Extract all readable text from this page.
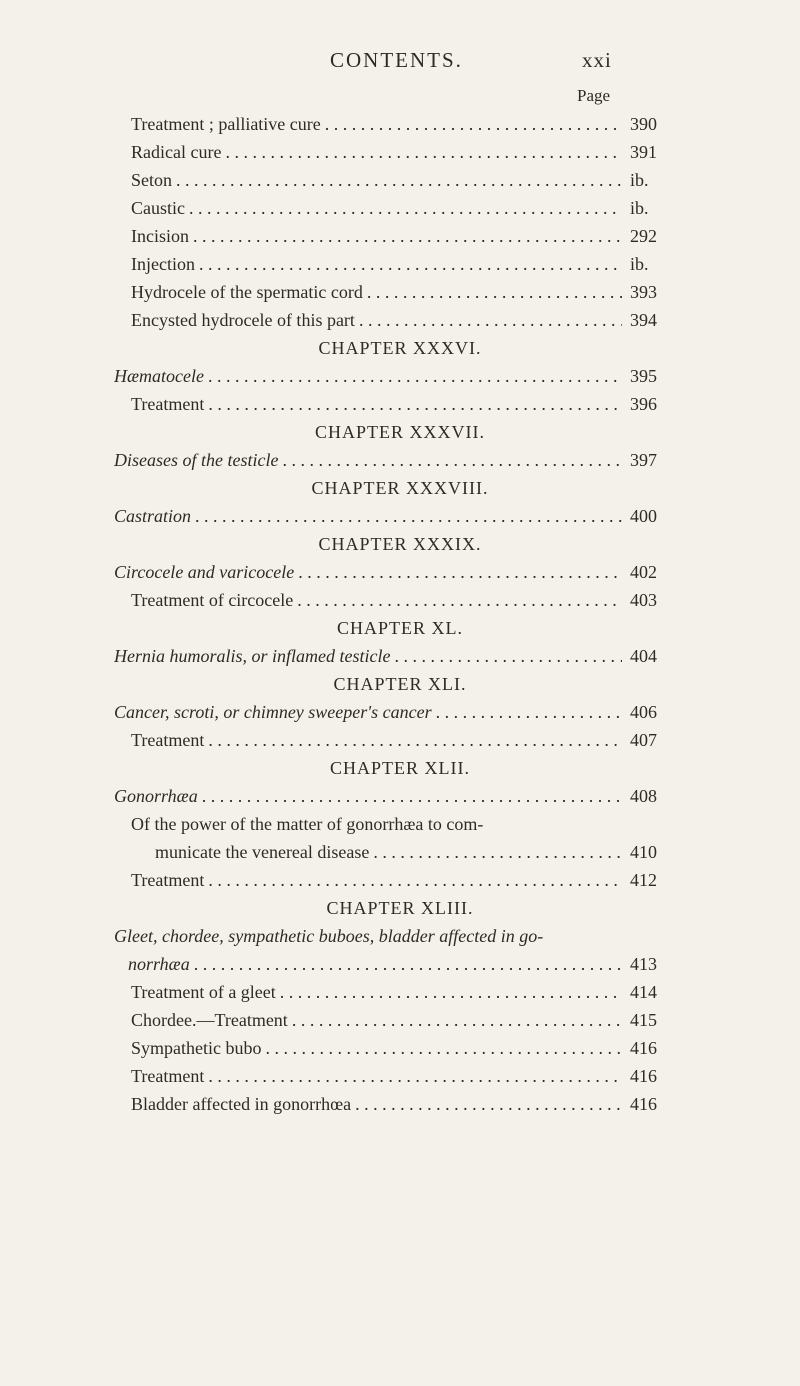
CONTENTS.	xxi
Page
Treatment ; palliative cure . . .	390
Radical cure . . .	391
Seton . . .	ib.
Caustic . . .	ib.
Incision . . .	292
Injection . . .	ib.
Hydrocele of the spermatic cord . . .	393
Encysted hydrocele of this part . . .	394
CHAPTER XXXVI.
Hæmatocele . . .	395
Treatment . . .	396
CHAPTER XXXVII.
Diseases of the testicle . . .	397
CHAPTER XXXVIII.
Castration . . .	400
CHAPTER XXXIX.
Circocele and varicocele . . .	402
Treatment of circocele . . .	403
CHAPTER XL.
Hernia humoralis, or inflamed testicle . . .	404
CHAPTER XLI.
Cancer, scroti, or chimney sweeper's cancer . . .	406
Treatment . . .	407
CHAPTER XLII.
Gonorrhæa . . .	408
Of the power of the matter of gonorrhæa to com-
municate the venereal disease . . .	410
Treatment . . .	412
CHAPTER XLIII.
Gleet, chordee, sympathetic buboes, bladder affected in go-
norrhæa . . .	413
Treatment of a gleet . . .	414
Chordee.—Treatment . . .	415
Sympathetic bubo . . .	416
Treatment . . .	416
Bladder affected in gonorrhœa . . .	416
